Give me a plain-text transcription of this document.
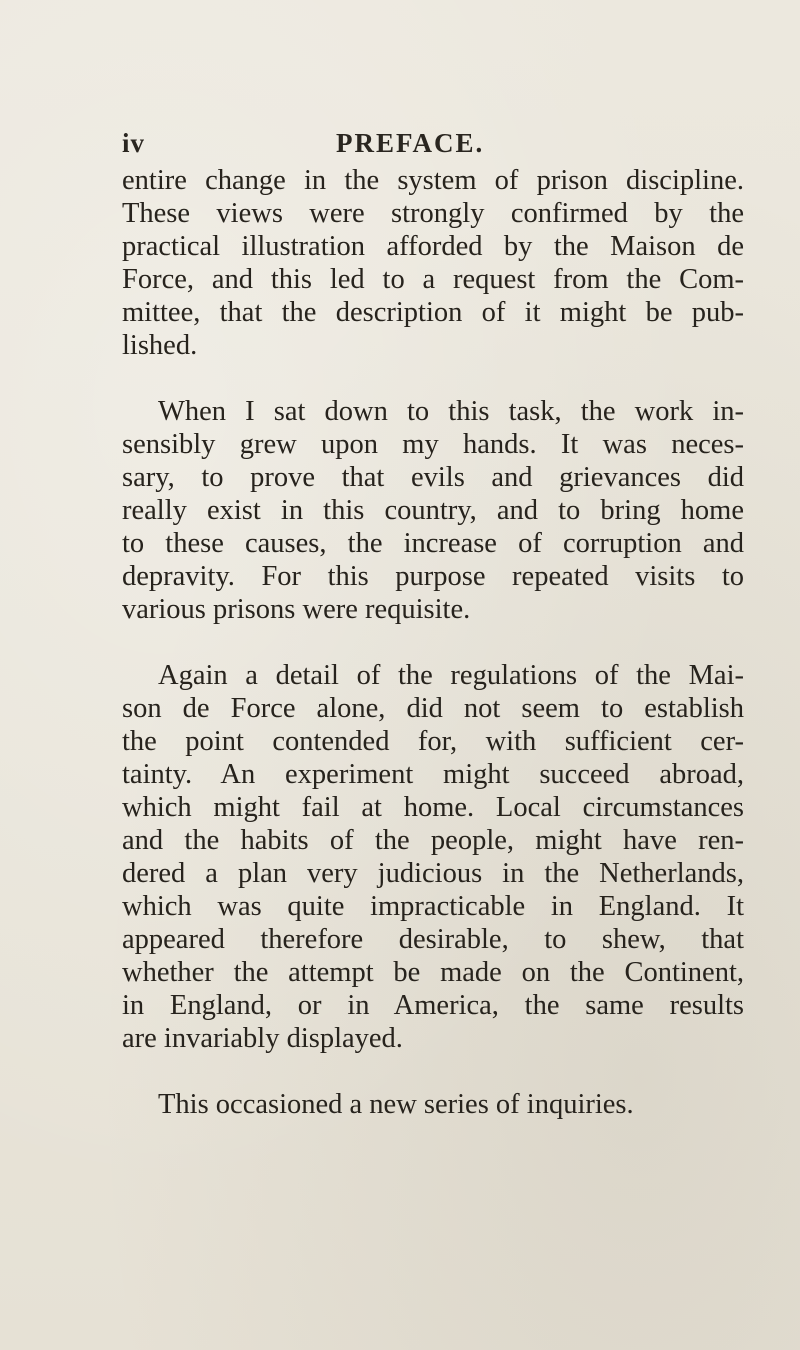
iv	PREFACE.
entire change in the system of prison discipline.
These views were strongly confirmed by the
practical illustration afforded by the Maison de
Force, and this led to a request from the Com-
mittee, that the description of it might be pub-
lished.
When I sat down to this task, the work in-
sensibly grew upon my hands. It was neces-
sary, to prove that evils and grievances did
really exist in this country, and to bring home
to these causes, the increase of corruption and
depravity. For this purpose repeated visits to
various prisons were requisite.
Again a detail of the regulations of the Mai-
son de Force alone, did not seem to establish
the point contended for, with sufficient cer-
tainty. An experiment might succeed abroad,
which might fail at home. Local circumstances
and the habits of the people, might have ren-
dered a plan very judicious in the Netherlands,
which was quite impracticable in England. It
appeared therefore desirable, to shew, that
whether the attempt be made on the Continent,
in England, or in America, the same results
are invariably displayed.
This occasioned a new series of inquiries.
